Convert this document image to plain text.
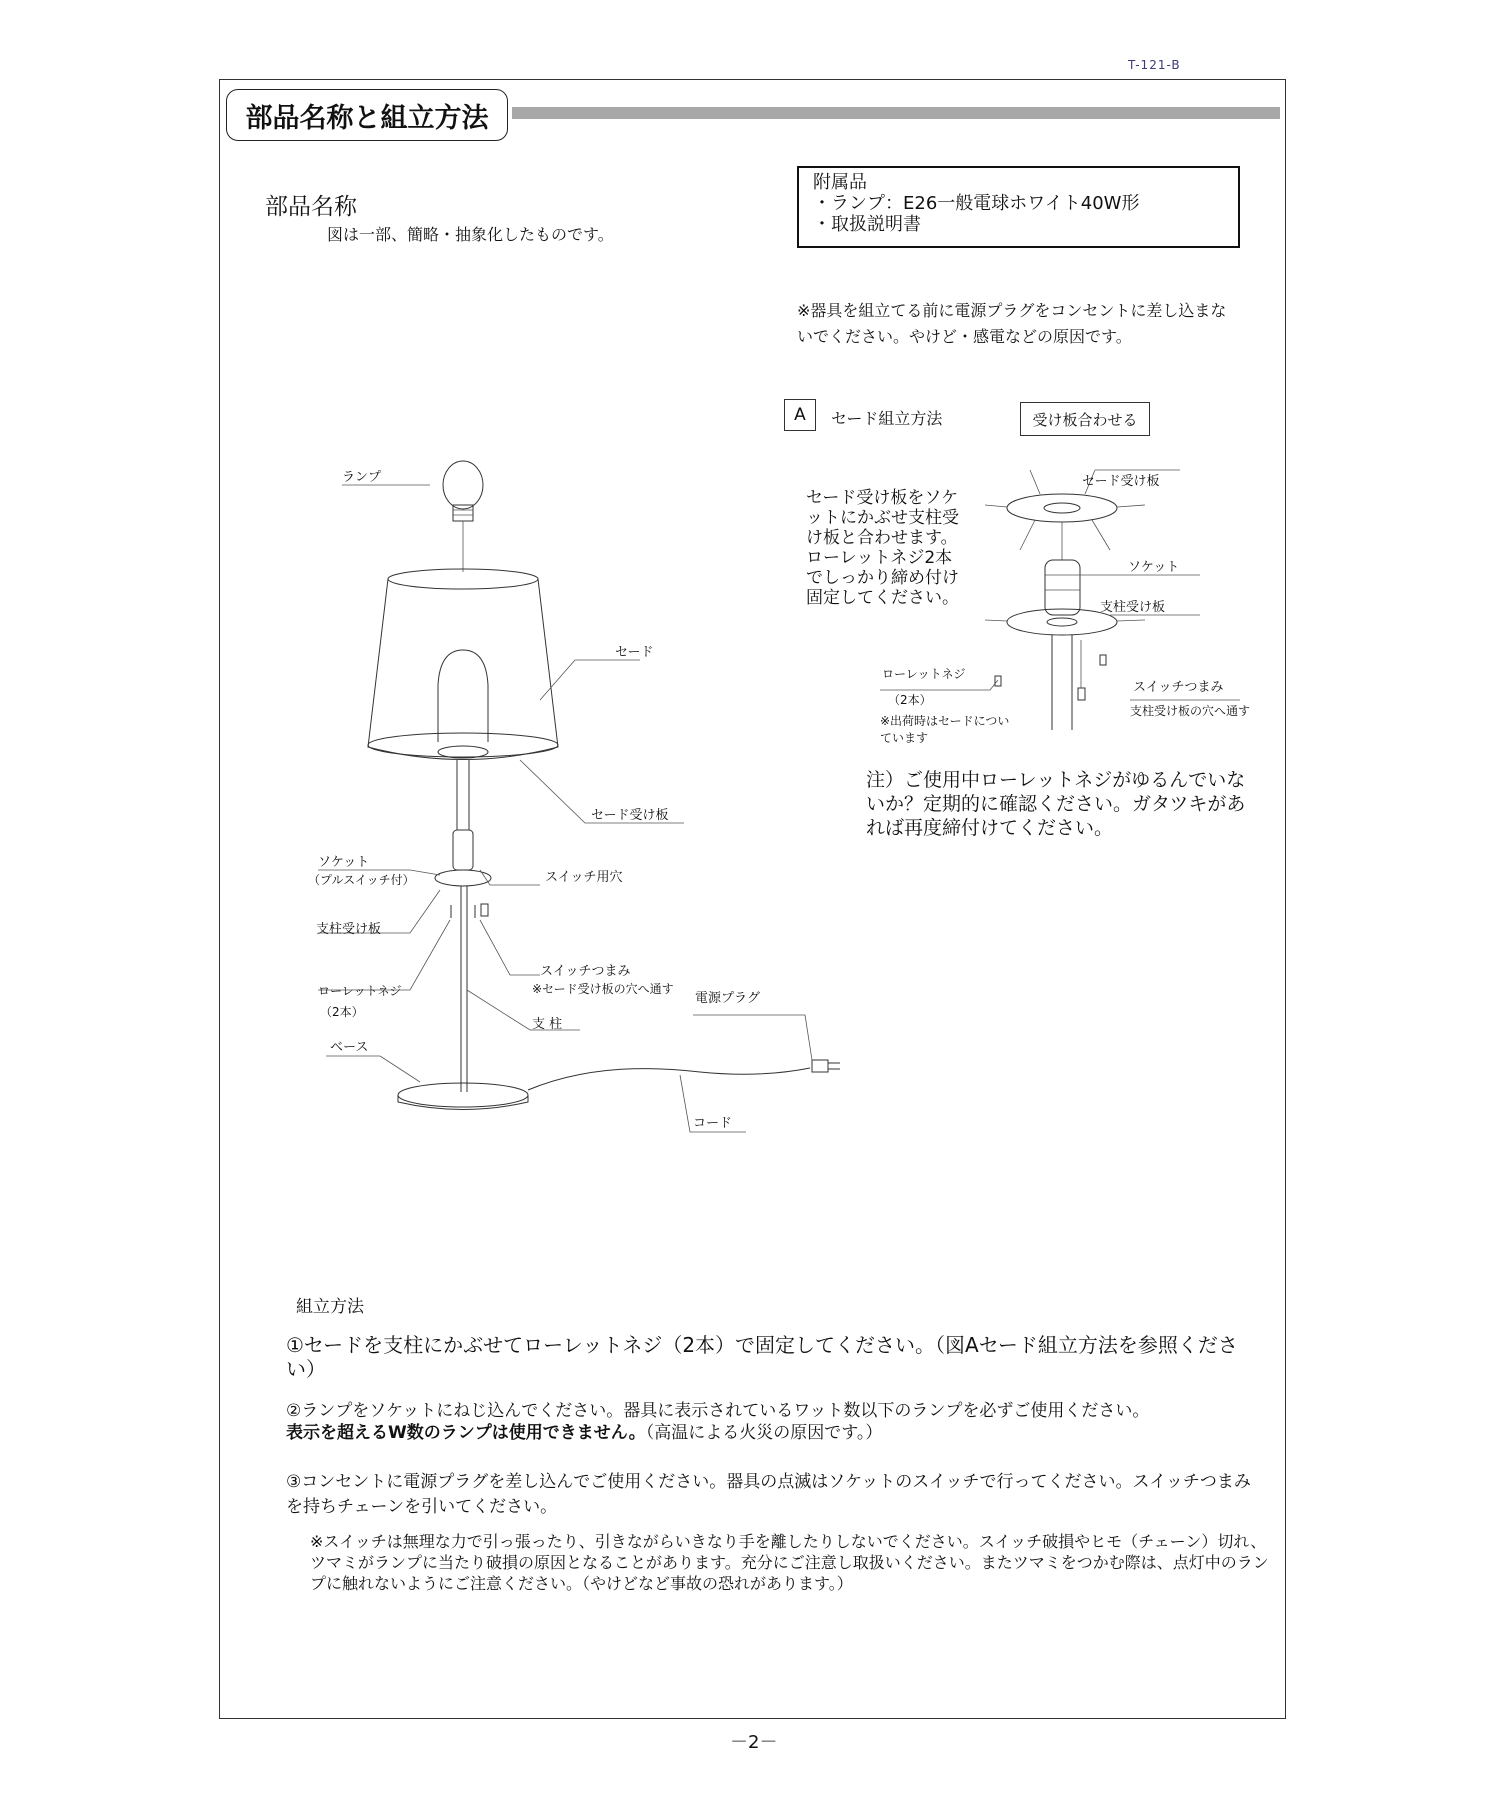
T-121-B
部品名称と組立方法
部品名称
図は一部、簡略・抽象化したものです。
附属品
・ランプ：E26一般電球ホワイト40W形
・取扱説明書
※器具を組立てる前に電源プラグをコンセントに差し込まないでください。やけど・感電などの原因です。
A	セード組立方法	受け板合わせる
セード受け板をソケットにかぶせ支柱受け板と合わせます。ローレットネジ2本でしっかり締め付け固定してください。
ランプ
セード
セード受け板
ソケット
（プルスイッチ付）	スイッチ用穴
支柱受け板
スイッチつまみ
※セード受け板の穴へ通す
ローレットネジ
（2本）
支 柱
電源プラグ
ベース
コード
セード受け板
ソケット
支柱受け板
ローレットネジ
（2本）
※出荷時はセードについています
スイッチつまみ
支柱受け板の穴へ通す
注）ご使用中ローレットネジがゆるんでいないか？定期的に確認ください。ガタツキがあれば再度締付けてください。
組立方法
①セードを支柱にかぶせてローレットネジ（2本）で固定してください。（図Aセード組立方法を参照ください）
②ランプをソケットにねじ込んでください。器具に表示されているワット数以下のランプを必ずご使用ください。
表示を超えるW数のランプは使用できません。（高温による火災の原因です。）
③コンセントに電源プラグを差し込んでご使用ください。器具の点滅はソケットのスイッチで行ってください。スイッチつまみを持ちチェーンを引いてください。
※スイッチは無理な力で引っ張ったり、引きながらいきなり手を離したりしないでください。スイッチ破損やヒモ（チェーン）切れ、ツマミがランプに当たり破損の原因となることがあります。充分にご注意し取扱いください。またツマミをつかむ際は、点灯中のランプに触れないようにご注意ください。（やけどなど事故の恐れがあります。）
－2－
